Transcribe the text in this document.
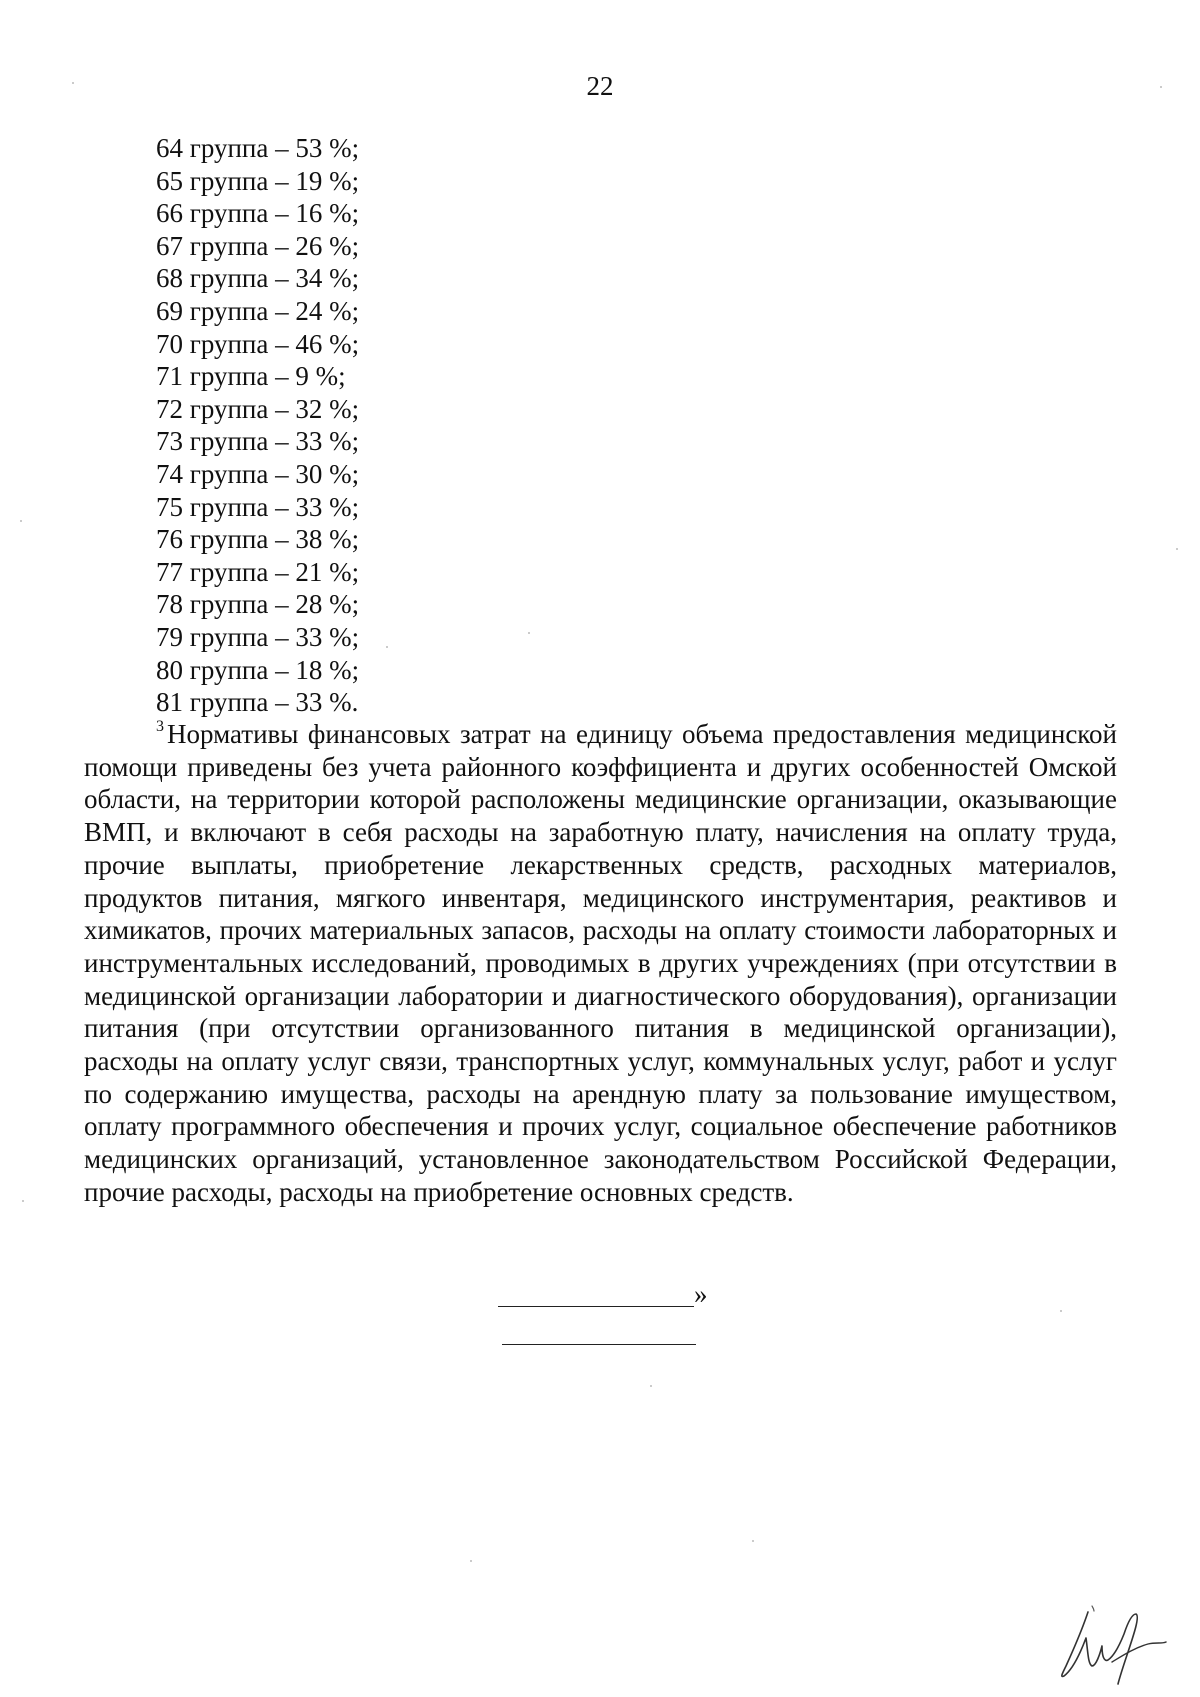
22
64 группа – 53 %;
65 группа – 19 %;
66 группа – 16 %;
67 группа – 26 %;
68 группа – 34 %;
69 группа – 24 %;
70 группа – 46 %;
71 группа – 9 %;
72 группа – 32 %;
73 группа – 33 %;
74 группа – 30 %;
75 группа – 33 %;
76 группа – 38 %;
77 группа – 21 %;
78 группа – 28 %;
79 группа – 33 %;
80 группа – 18 %;
81 группа – 33 %.

$^3$ Нормативы финансовых затрат на единицу объема предоставления медицинской помощи приведены без учета районного коэффициента и других особенностей Омской области, на территории которой расположены медицинские организации, оказывающие ВМП, и включают в себя расходы на заработную плату, начисления на оплату труда, прочие выплаты, приобретение лекарственных средств, расходных материалов, продуктов питания, мягкого инвентаря, медицинского инструментария, реактивов и химикатов, прочих материальных запасов, расходы на оплату стоимости лабораторных и инструментальных исследований, проводимых в других учреждениях (при отсутствии в медицинской организации лаборатории и диагностического оборудования), организации питания (при отсутствии организованного питания в медицинской организации), расходы на оплату услуг связи, транспортных услуг, коммунальных услуг, работ и услуг по содержанию имущества, расходы на арендную плату за пользование имуществом, оплату программного обеспечения и прочих услуг, социальное обеспечение работников медицинских организаций, установленное законодательством Российской Федерации, прочие расходы, расходы на приобретение основных средств.

»
